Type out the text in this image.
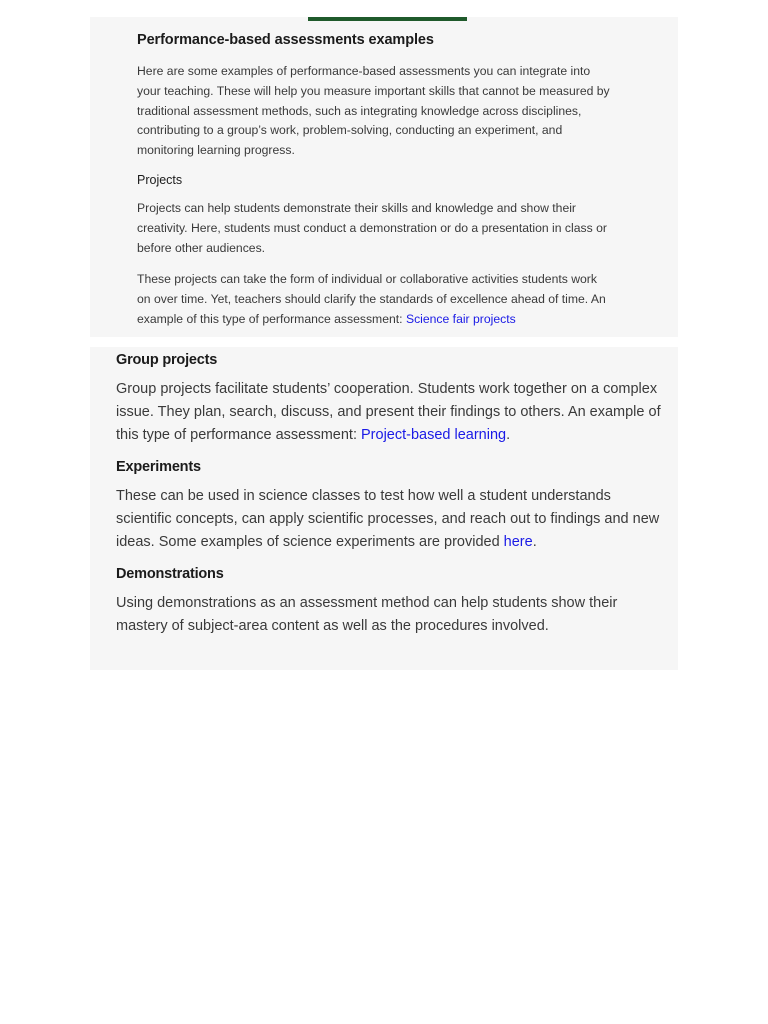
Performance-based assessments examples

Here are some examples of performance-based assessments you can integrate into your teaching. These will help you measure important skills that cannot be measured by traditional assessment methods, such as integrating knowledge across disciplines, contributing to a group’s work, problem-solving, conducting an experiment, and monitoring learning progress.

Projects

Projects can help students demonstrate their skills and knowledge and show their creativity. Here, students must conduct a demonstration or do a presentation in class or before other audiences.

These projects can take the form of individual or collaborative activities students work on over time. Yet, teachers should clarify the standards of excellence ahead of time. An example of this type of performance assessment: Science fair projects

Group projects

Group projects facilitate students’ cooperation. Students work together on a complex issue. They plan, search, discuss, and present their findings to others. An example of this type of performance assessment: Project-based learning.

Experiments

These can be used in science classes to test how well a student understands scientific concepts, can apply scientific processes, and reach out to findings and new ideas. Some examples of science experiments are provided here.

Demonstrations

Using demonstrations as an assessment method can help students show their mastery of subject-area content as well as the procedures involved.
